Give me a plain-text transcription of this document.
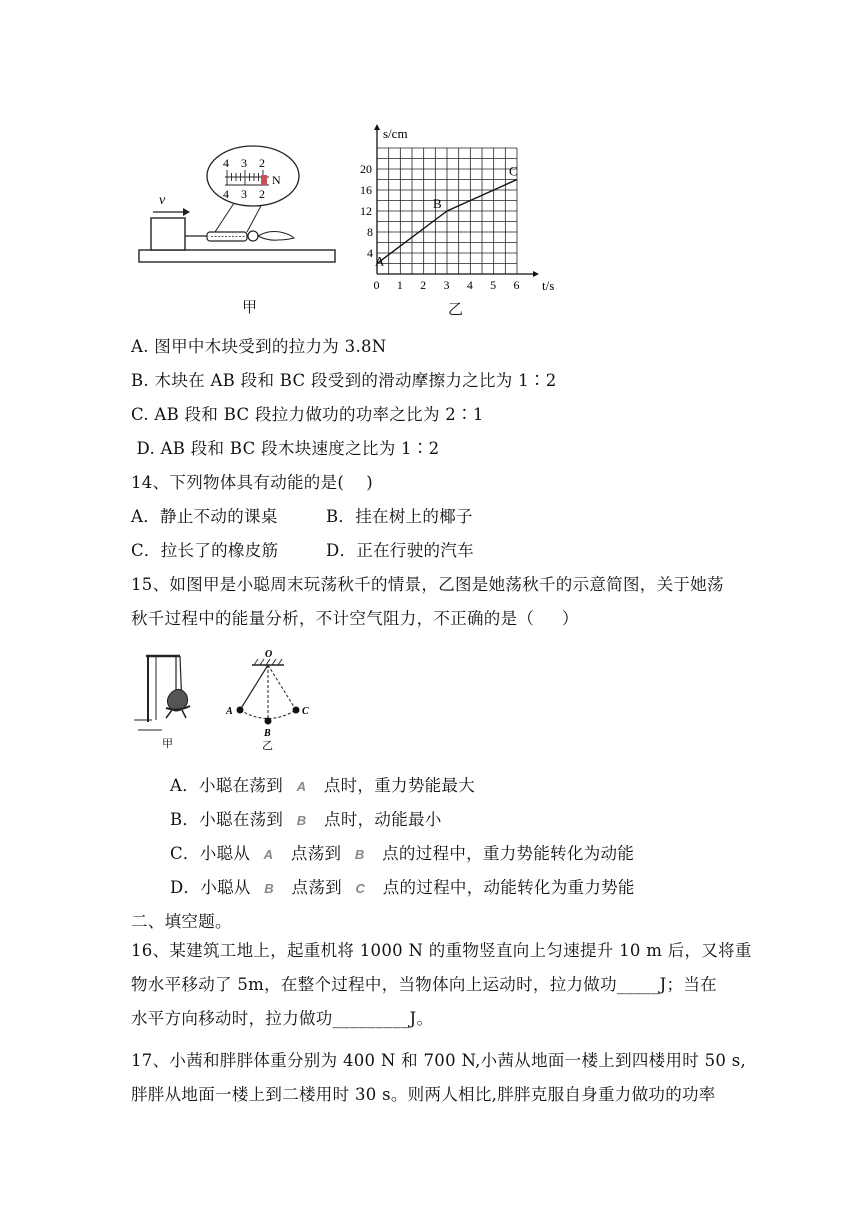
v
4 3 2
4 3 2
N
甲
s/cm
t/s
0 1 2 3 4 5 6
4
8
12
16
20
A
B
C
乙
A. 图甲中木块受到的拉力为 3.8N
B. 木块在 AB 段和 BC 段受到的滑动摩擦力之比为 1∶2
C. AB 段和 BC 段拉力做功的功率之比为 2∶1
D. AB 段和 BC 段木块速度之比为 1∶2
14、下列物体具有动能的是(    )
A．静止不动的课桌	B．挂在树上的椰子
C．拉长了的橡皮筋	D．正在行驶的汽车
15、如图甲是小聪周末玩荡秋千的情景，乙图是她荡秋千的示意简图，关于她荡
秋千过程中的能量分析，不计空气阻力，不正确的是（     ）
甲
O
A
B
C
乙
A．小聪在荡到 A 点时，重力势能最大
B．小聪在荡到 B 点时，动能最小
C．小聪从 A 点荡到 B 点的过程中，重力势能转化为动能
D．小聪从 B 点荡到 C 点的过程中，动能转化为重力势能
二、填空题。
16、某建筑工地上，起重机将 1000 N 的重物竖直向上匀速提升 10 m 后，又将重
物水平移动了 5m，在整个过程中，当物体向上运动时，拉力做功_____J；当在
水平方向移动时，拉力做功_________J。
17、小茜和胖胖体重分别为 400 N 和 700 N,小茜从地面一楼上到四楼用时 50 s,
胖胖从地面一楼上到二楼用时 30 s。则两人相比,胖胖克服自身重力做功的功率
